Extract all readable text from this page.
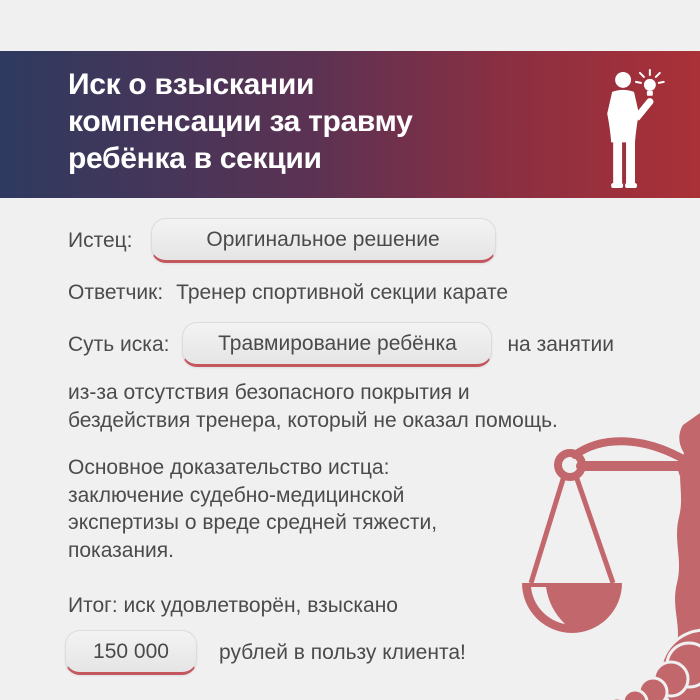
Иск о взыскании
компенсации за травму
ребёнка в секции
Истец:	Оригинальное решение
Ответчик: Тренер спортивной секции карате
Суть иска:	Травмирование ребёнка	на занятии
из-за отсутствия безопасного покрытия и
бездействия тренера, который не оказал помощь.
Основное доказательство истца:
заключение судебно-медицинской
экспертизы о вреде средней тяжести,
показания.
Итог: иск удовлетворён, взыскано
150 000	рублей в пользу клиента!
